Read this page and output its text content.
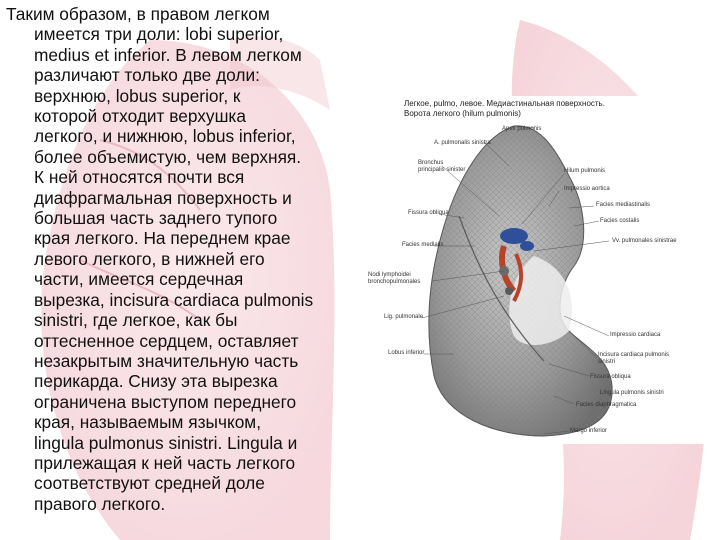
Таким образом, в правом легком
имеется три доли: lobi superior,
medius et inferior. В левом легком
различают только две доли:
верхнюю, lobus superior, к
которой отходит верхушка
легкого, и нижнюю, lobus inferior,
более объемистую, чем верхняя.
К ней относятся почти вся
диафрагмальная поверхность и
большая часть заднего тупого
края легкого. На переднем крае
левого легкого, в нижней его
части, имеется сердечная
вырезка, incisura cardiaca pulmonis
sinistri, где легкое, как бы
оттесненное сердцем, оставляет
незакрытым значительную часть
перикарда. Снизу эта вырезка
ограничена выступом переднего
края, называемым язычком,
lingula pulmonus sinistri. Lingula и
прилежащая к ней часть легкого
соответствуют средней доле
правого легкого.
Легкое, pulmo, левое. Медиастинальная поверхность.
Ворота легкого (hilum pulmonis)
Apex pulmonis
A. pulmonalis sinistra
Bronchus principalis sinister	Hilum pulmonis
Impressio aortica
Fissura obliqua
Facies mediastinalis
Facies costalis
Facies medialis
Vv. pulmonales sinistrae
Nodi lymphoidei bronchopulmonales
Lig. pulmonale
Lobus inferior
Impressio cardiaca
Incisura cardiaca pulmonis sinistri
Fissura obliqua
Lingula pulmonis sinistri
Facies diaphragmatica
Margo inferior
